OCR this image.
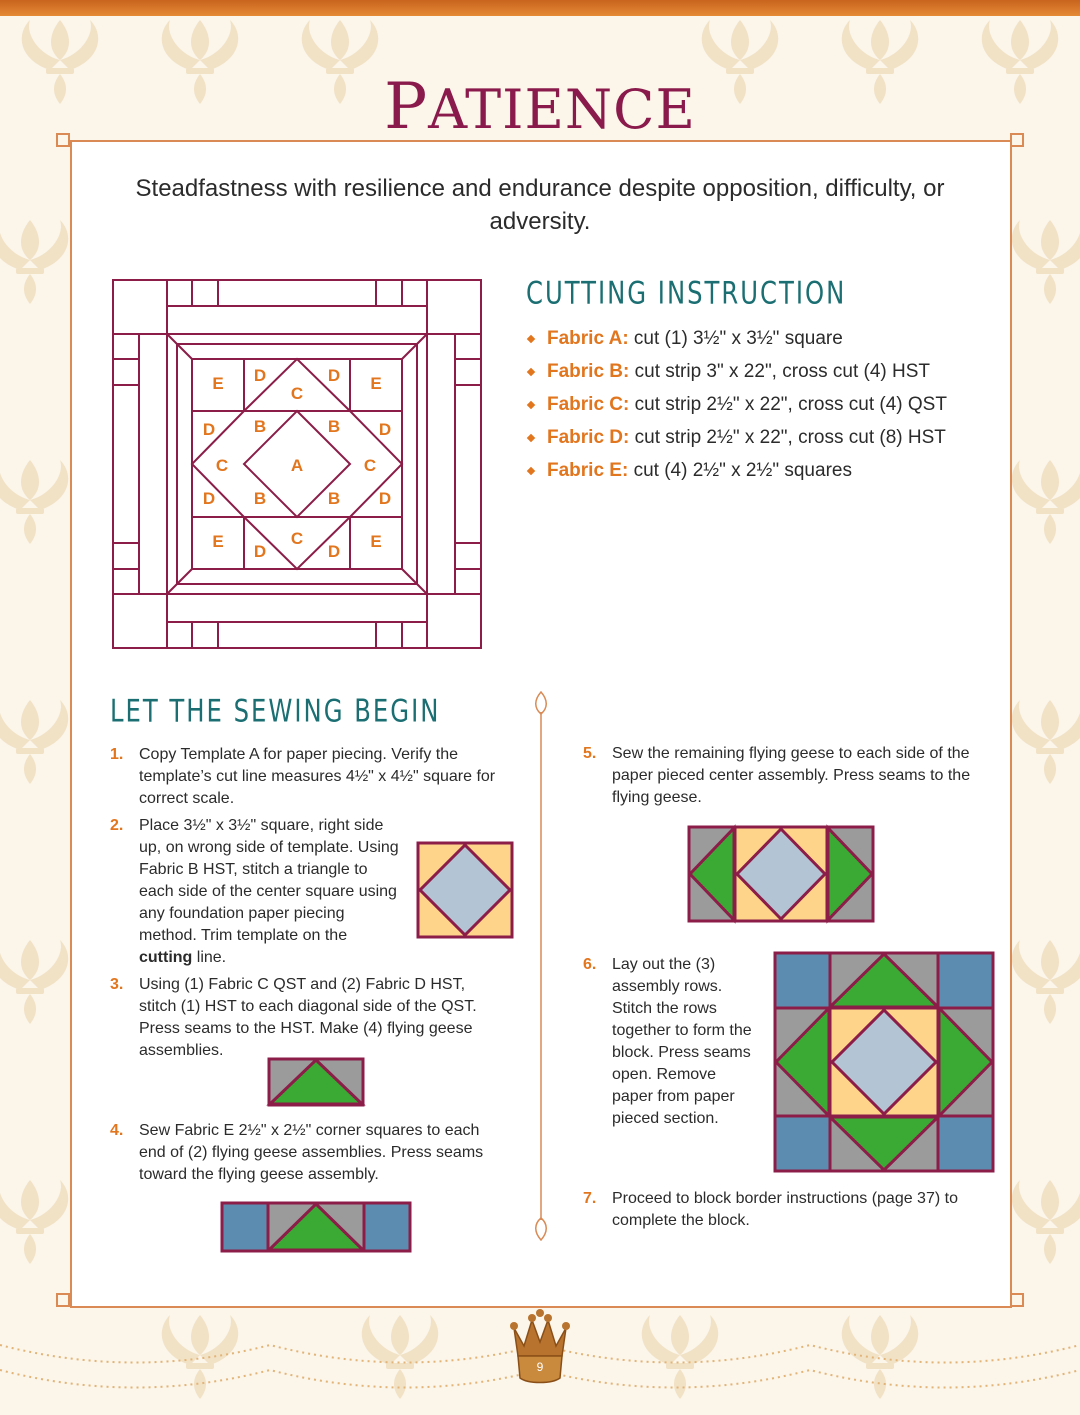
PATIENCE

Steadfastness with resilience and endurance despite opposition, difficulty, or adversity.

A
B	B
B	B
C
C
C	C
D	D
D	D
D	D
D	D
E	E
E	E
CUTTING INSTRUCTION
Fabric A: cut (1) 3½" x 3½" square
Fabric B: cut strip 3" x 22", cross cut (4) HST
Fabric C: cut strip 2½" x 22", cross cut (4) QST
Fabric D: cut strip 2½" x 22", cross cut (8) HST
Fabric E: cut (4) 2½" x 2½" squares
LET THE SEWING BEGIN
1. Copy Template A for paper piecing. Verify the template’s cut line measures 4½" x 4½" square for correct scale.
2. Place 3½" x 3½" square, right side up, on wrong side of template. Using Fabric B HST, stitch a triangle to each side of the center square using any foundation paper piecing method. Trim template on the cutting line.
3. Using (1) Fabric C QST and (2) Fabric D HST, stitch (1) HST to each diagonal side of the QST. Press seams to the HST. Make (4) flying geese assemblies.
4. Sew Fabric E 2½" x 2½" corner squares to each end of (2) flying geese assemblies. Press seams toward the flying geese assembly.
5. Sew the remaining flying geese to each side of the paper pieced center assembly. Press seams to the flying geese.
6. Lay out the (3) assembly rows. Stitch the rows together to form the block. Press seams open. Remove paper from paper pieced section.
7. Proceed to block border instructions (page 37) to complete the block.
9
